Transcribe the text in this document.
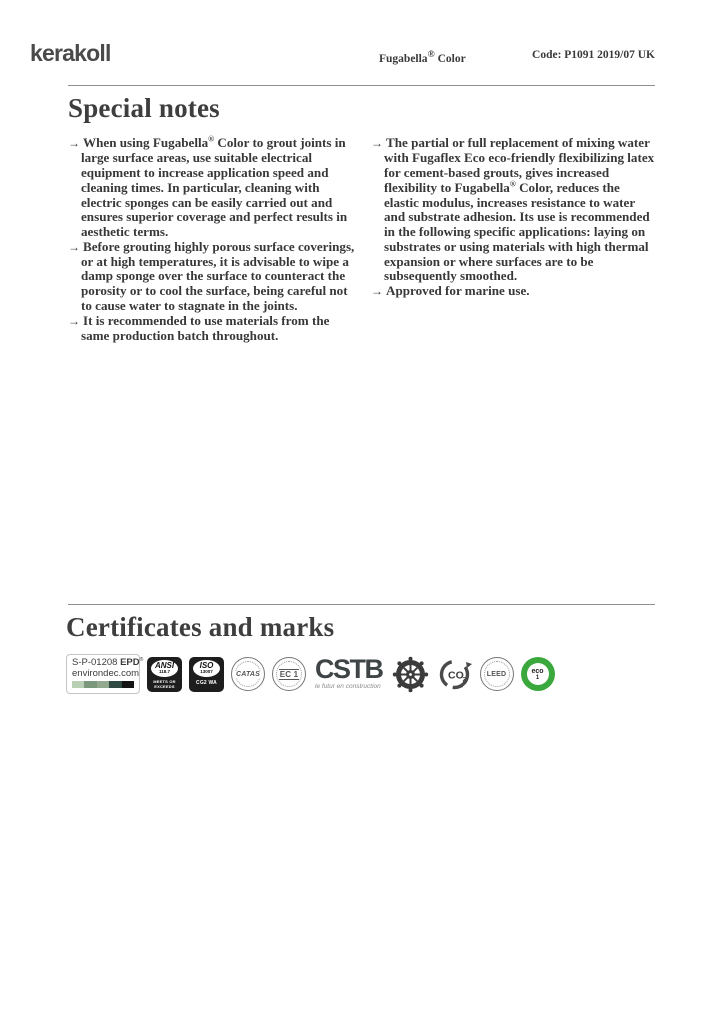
kerakoll	Fugabella® Color	Code: P1091 2019/07 UK
Special notes
→ When using Fugabella® Color to grout joints in large surface areas, use suitable electrical equipment to increase application speed and cleaning times. In particular, cleaning with electric sponges can be easily carried out and ensures superior coverage and perfect results in aesthetic terms.
→ Before grouting highly porous surface coverings, or at high temperatures, it is advisable to wipe a damp sponge over the surface to counteract the porosity or to cool the surface, being careful not to cause water to stagnate in the joints.
→ It is recommended to use materials from the same production batch throughout.
→ The partial or full replacement of mixing water with Fugaflex Eco eco-friendly flexibilizing latex for cement-based grouts, gives increased flexibility to Fugabella® Color, reduces the elastic modulus, increases resistance to water and substrate adhesion. Its use is recommended in the following specific applications: laying on substrates or using materials with high thermal expansion or where surfaces are to be subsequently smoothed.
→ Approved for marine use.
Certificates and marks
S-P-01208 EPD®
environdec.com
ANSI
118.7
MEETS OR
EXCEEDS
ISO
13007
CG2 WA
CATAS EC 1 CSTB
le futur en construction
CO
2
LEED	eco
1
